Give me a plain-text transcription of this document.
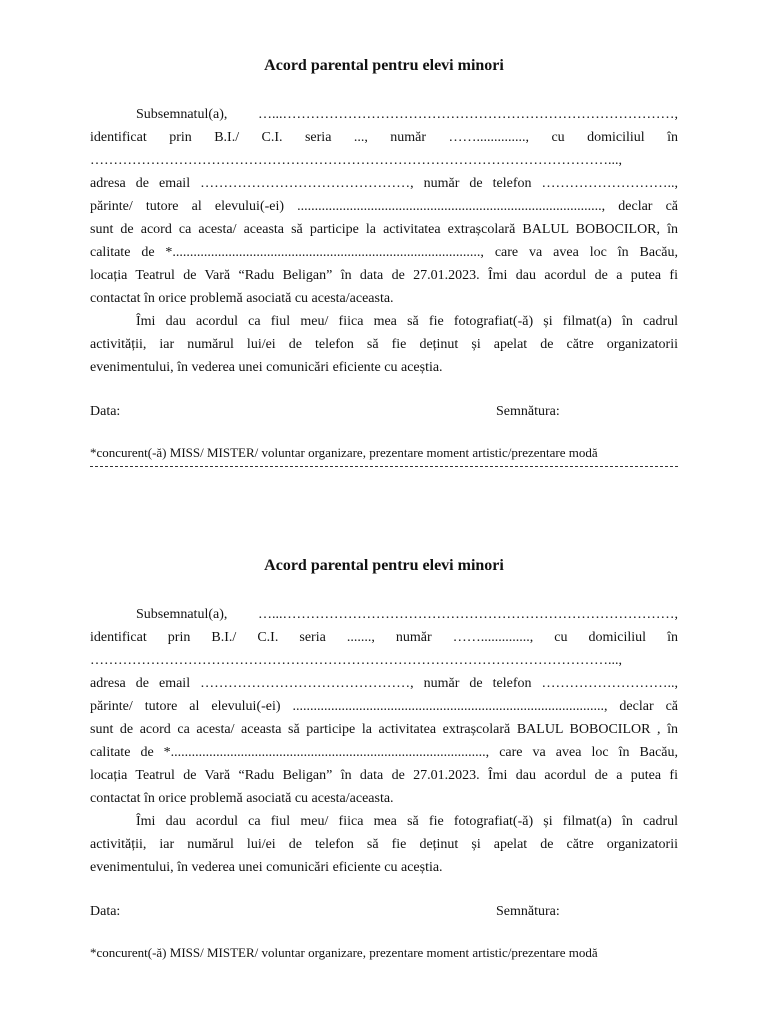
Acord parental pentru elevi minori

Subsemnatul(a), …...…………………………………………………………………………,

identificat prin B.I./ C.I. seria ..., număr …….............., cu domiciliul în

…………………………………………………………………………………………………...,

adresa de email ………………………………………, număr de telefon ………………………..,

părinte/ tutore al elevului(-ei) ......................................................................................., declar că

sunt de acord ca acesta/ aceasta să participe la activitatea extrașcolară BALUL BOBOCILOR, în

calitate de *........................................................................................, care va avea loc în Bacău,

locația Teatrul de Vară “Radu Beligan” în data de 27.01.2023. Îmi dau acordul de a putea fi

contactat în orice problemă asociată cu acesta/aceasta.

Îmi dau acordul ca fiul meu/ fiica mea să fie fotografiat(-ă) și filmat(a) în cadrul

activității, iar numărul lui/ei de telefon să fie deținut și apelat de către organizatorii

evenimentului, în vederea unei comunicări eficiente cu aceștia.

Data:	Semnătura:
*concurent(-ă) MISS/ MISTER/ voluntar organizare, prezentare moment artistic/prezentare modă
Acord parental pentru elevi minori

Subsemnatul(a), …...…………………………………………………………………………,

identificat prin B.I./ C.I. seria ......., număr …….............., cu domiciliul în

…………………………………………………………………………………………………...,

adresa de email ………………………………………, număr de telefon ………………………..,

părinte/ tutore al elevului(-ei) ........................................................................................., declar că

sunt de acord ca acesta/ aceasta să participe la activitatea extrașcolară BALUL BOBOCILOR , în

calitate de *.........................................................................................., care va avea loc în Bacău,

locația Teatrul de Vară “Radu Beligan” în data de 27.01.2023. Îmi dau acordul de a putea fi

contactat în orice problemă asociată cu acesta/aceasta.

Îmi dau acordul ca fiul meu/ fiica mea să fie fotografiat(-ă) și filmat(a) în cadrul

activității, iar numărul lui/ei de telefon să fie deținut și apelat de către organizatorii

evenimentului, în vederea unei comunicări eficiente cu aceștia.

Data:	Semnătura:
*concurent(-ă) MISS/ MISTER/ voluntar organizare, prezentare moment artistic/prezentare modă
